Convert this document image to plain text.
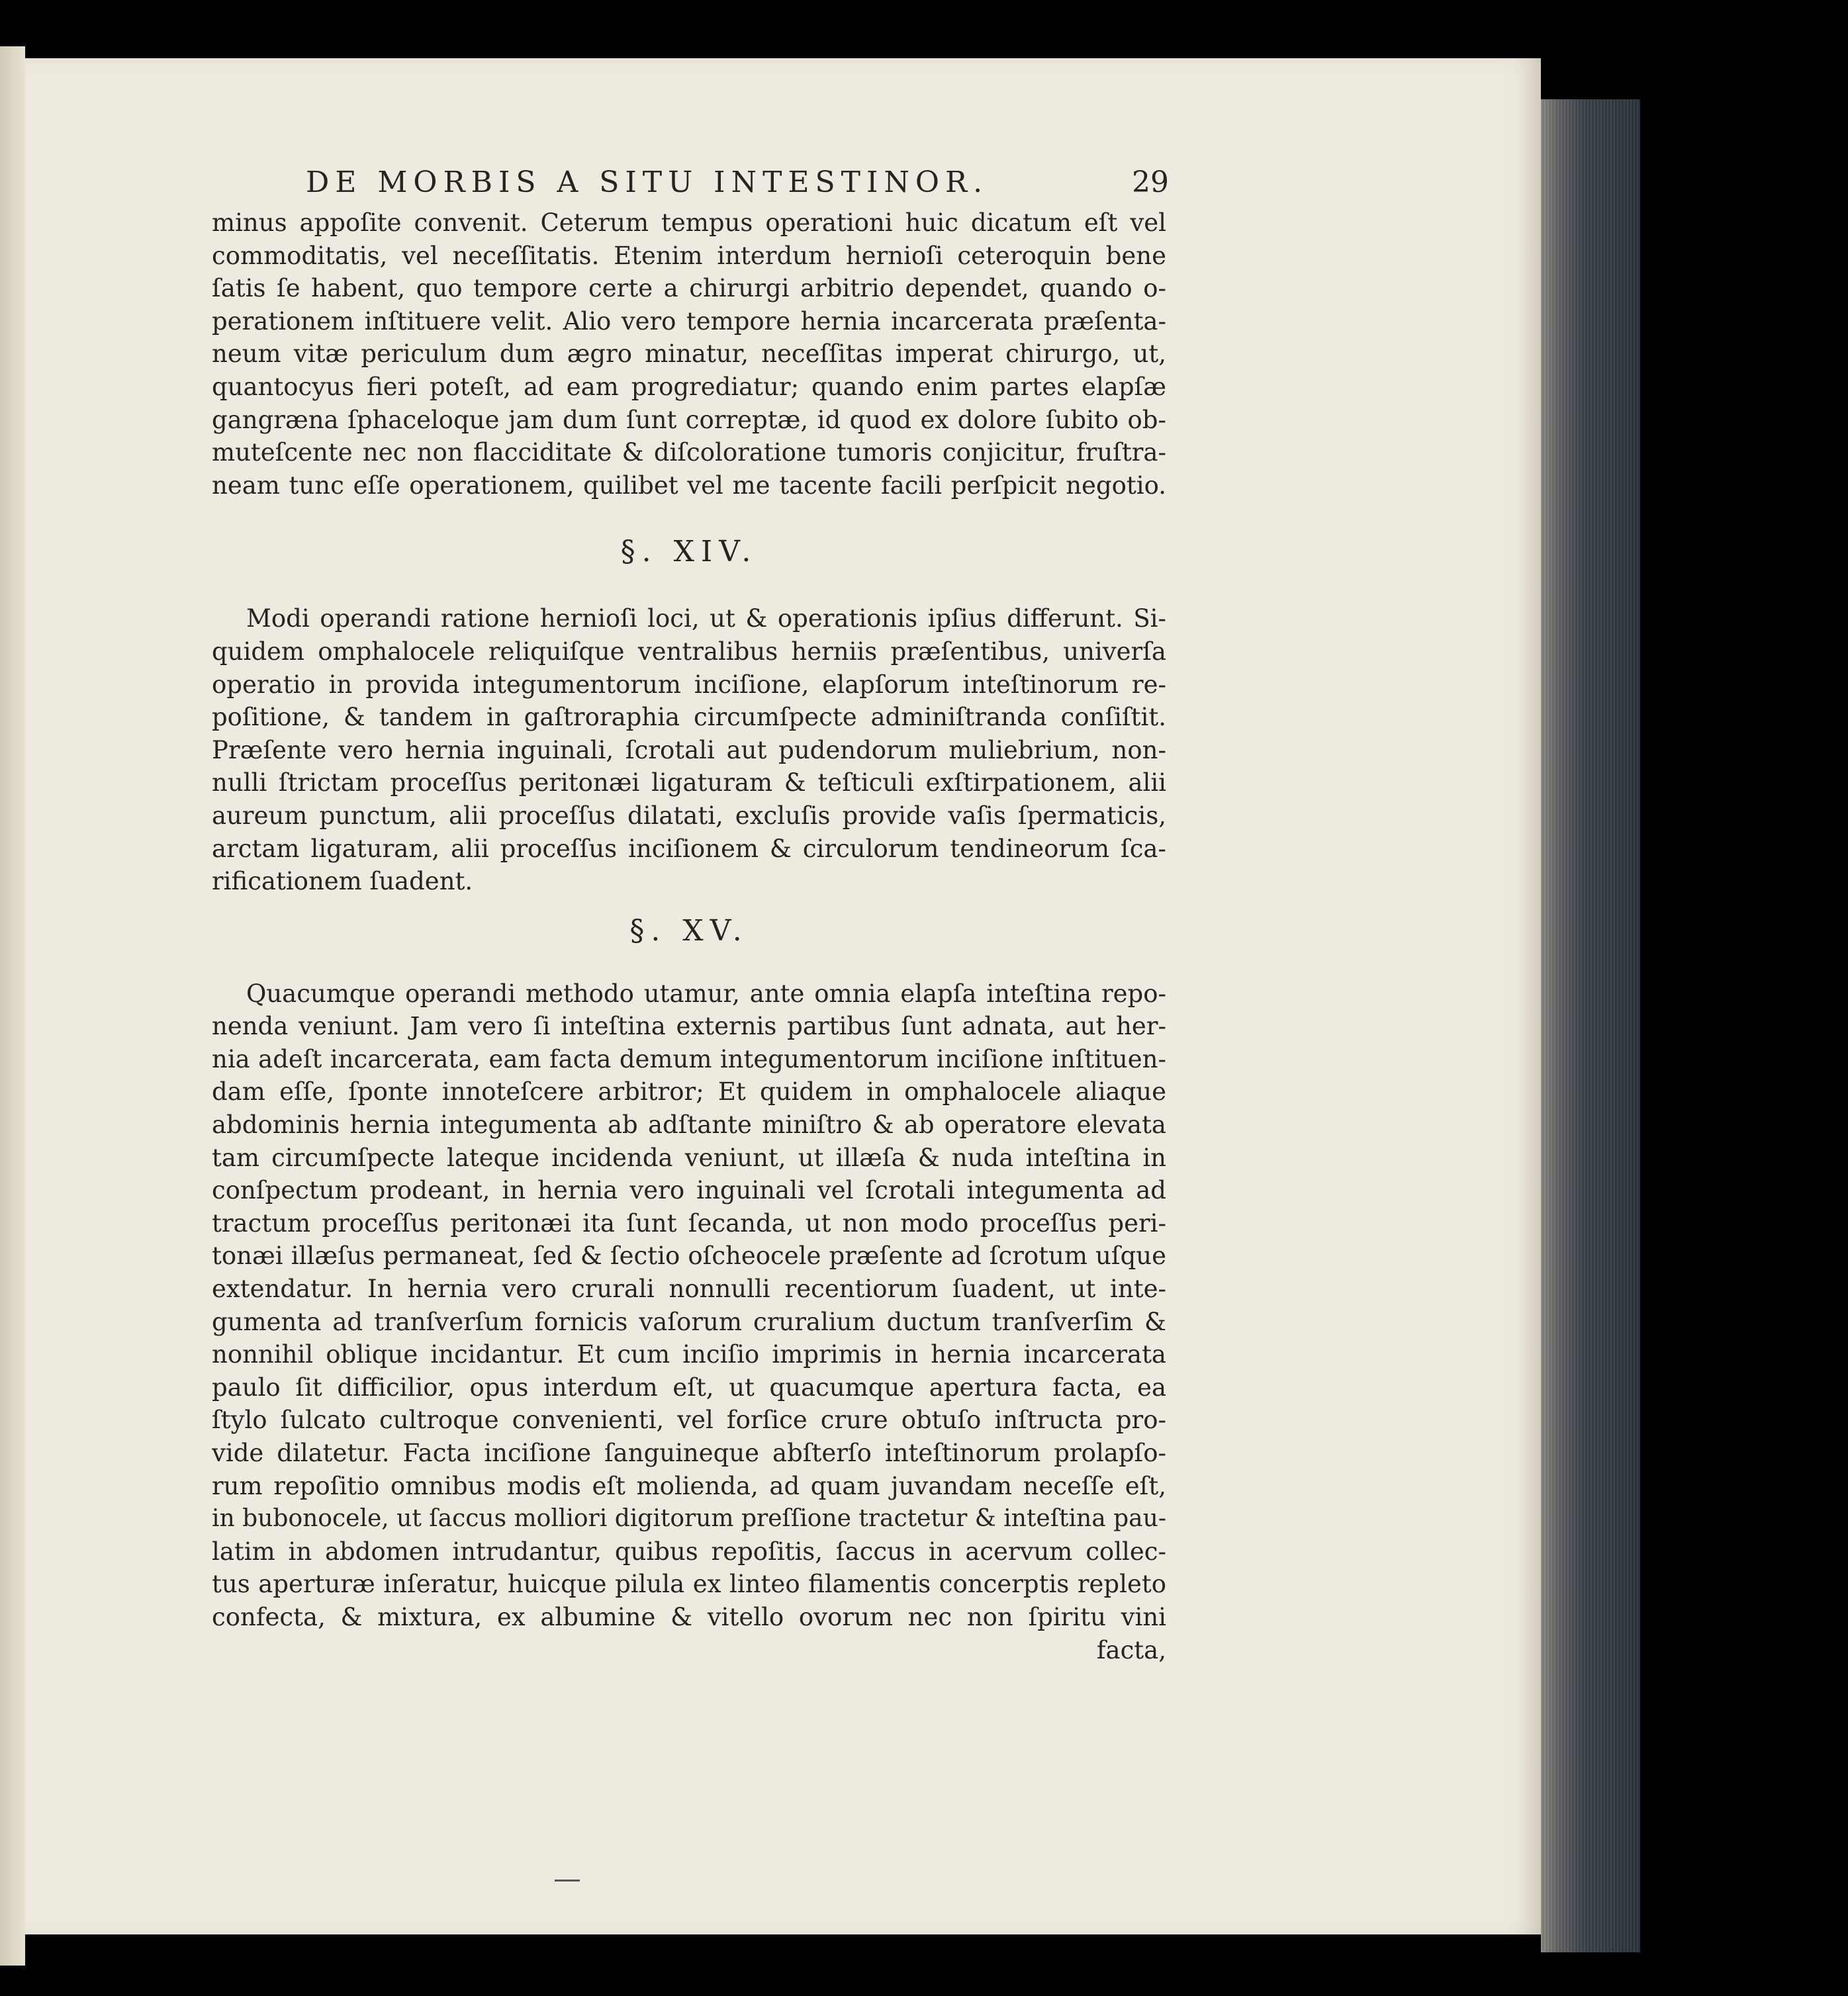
DE MORBIS A SITU INTESTINOR.	29
minus appoſite convenit. Ceterum tempus operationi huic dicatum eſt vel
commoditatis, vel neceſſitatis. Etenim interdum hernioſi ceteroquin bene
ſatis ſe habent, quo tempore certe a chirurgi arbitrio dependet, quando o-
perationem inſtituere velit. Alio vero tempore hernia incarcerata præſenta-
neum vitæ periculum dum ægro minatur, neceſſitas imperat chirurgo, ut,
quantocyus fieri poteſt, ad eam progrediatur; quando enim partes elapſæ
gangræna ſphaceloque jam dum ſunt correptæ, id quod ex dolore ſubito ob-
muteſcente nec non flacciditate & diſcoloratione tumoris conjicitur, fruſtra-
neam tunc eſſe operationem, quilibet vel me tacente facili perſpicit negotio.
§. XIV.
Modi operandi ratione hernioſi loci, ut & operationis ipſius differunt. Si-
quidem omphalocele reliquiſque ventralibus herniis præſentibus, univerſa
operatio in provida integumentorum inciſione, elapſorum inteſtinorum re-
poſitione, & tandem in gaſtroraphia circumſpecte adminiſtranda conſiſtit.
Præſente vero hernia inguinali, ſcrotali aut pudendorum muliebrium, non-
nulli ſtrictam proceſſus peritonæi ligaturam & teſticuli exſtirpationem, alii
aureum punctum, alii proceſſus dilatati, excluſis provide vaſis ſpermaticis,
arctam ligaturam, alii proceſſus inciſionem & circulorum tendineorum ſca-
rificationem ſuadent.
§. XV.
Quacumque operandi methodo utamur, ante omnia elapſa inteſtina repo-
nenda veniunt. Jam vero ſi inteſtina externis partibus ſunt adnata, aut her-
nia adeſt incarcerata, eam facta demum integumentorum inciſione inſtituen-
dam eſſe, ſponte innoteſcere arbitror; Et quidem in omphalocele aliaque
abdominis hernia integumenta ab adſtante miniſtro & ab operatore elevata
tam circumſpecte lateque incidenda veniunt, ut illæſa & nuda inteſtina in
conſpectum prodeant, in hernia vero inguinali vel ſcrotali integumenta ad
tractum proceſſus peritonæi ita ſunt ſecanda, ut non modo proceſſus peri-
tonæi illæſus permaneat, ſed & ſectio oſcheocele præſente ad ſcrotum uſque
extendatur. In hernia vero crurali nonnulli recentiorum ſuadent, ut inte-
gumenta ad tranſverſum fornicis vaſorum cruralium ductum tranſverſim &
nonnihil oblique incidantur. Et cum inciſio imprimis in hernia incarcerata
paulo ſit difficilior, opus interdum eſt, ut quacumque apertura facta, ea
ſtylo ſulcato cultroque convenienti, vel forſice crure obtuſo inſtructa pro-
vide dilatetur. Facta inciſione ſanguineque abſterſo inteſtinorum prolapſo-
rum repoſitio omnibus modis eſt molienda, ad quam juvandam neceſſe eſt,
in bubonocele, ut ſaccus molliori digitorum preſſione tractetur & inteſtina pau-
latim in abdomen intrudantur, quibus repoſitis, ſaccus in acervum collec-
tus aperturæ inſeratur, huicque pilula ex linteo filamentis concerptis repleto
confecta, & mixtura, ex albumine & vitello ovorum nec non ſpiritu vini
facta,
